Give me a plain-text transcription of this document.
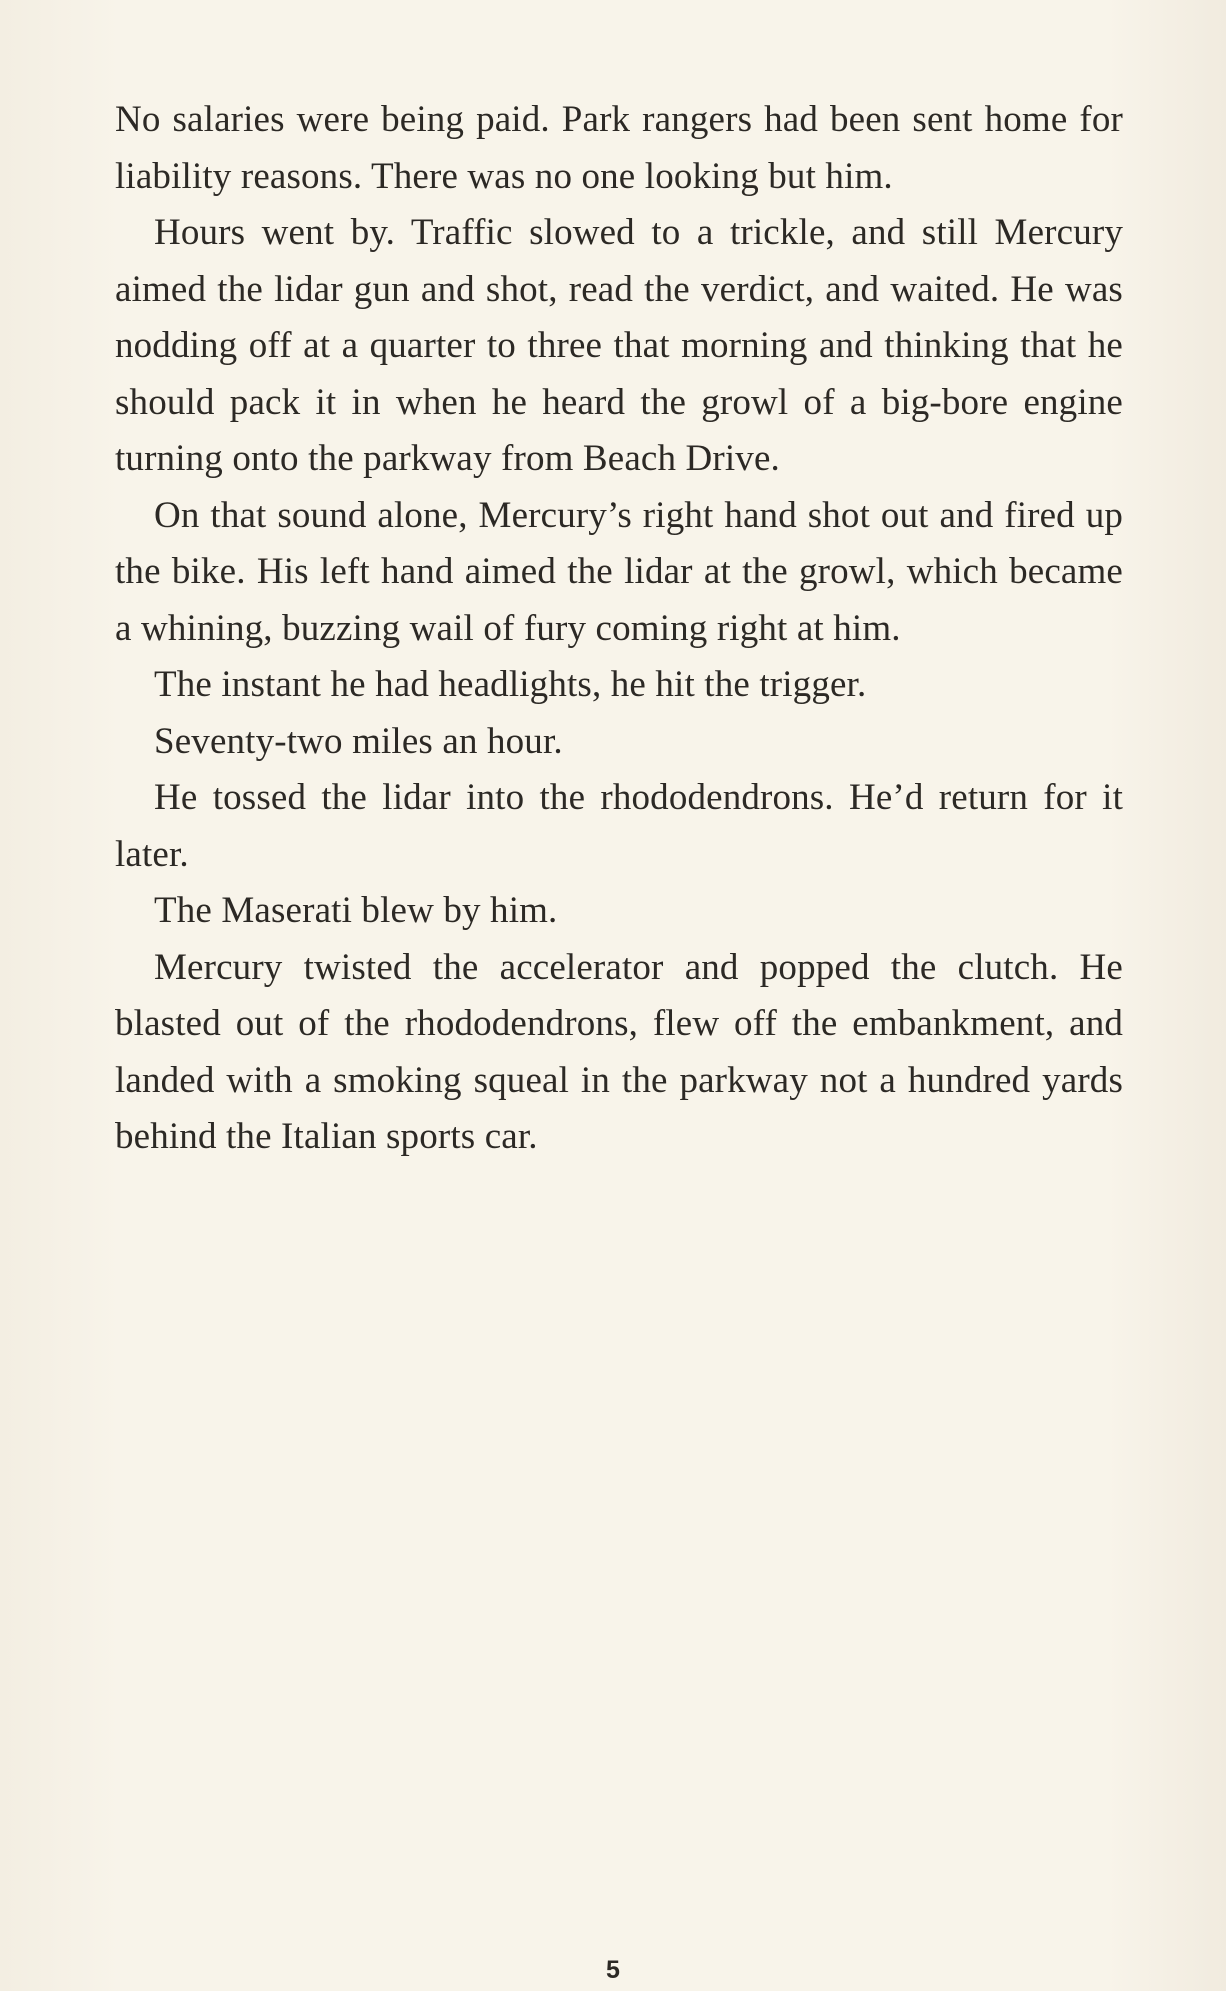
No salaries were being paid. Park rangers had been sent home for liability reasons. There was no one looking but him.

Hours went by. Traffic slowed to a trickle, and still Mercury aimed the lidar gun and shot, read the verdict, and waited. He was nodding off at a quarter to three that morning and thinking that he should pack it in when he heard the growl of a big-bore engine turning onto the parkway from Beach Drive.

On that sound alone, Mercury’s right hand shot out and fired up the bike. His left hand aimed the lidar at the growl, which became a whining, buzzing wail of fury coming right at him.

The instant he had headlights, he hit the trigger.

Seventy-two miles an hour.

He tossed the lidar into the rhododendrons. He’d return for it later.

The Maserati blew by him.

Mercury twisted the accelerator and popped the clutch. He blasted out of the rhododendrons, flew off the embankment, and landed with a smoking squeal in the parkway not a hundred yards behind the Italian sports car.

5
